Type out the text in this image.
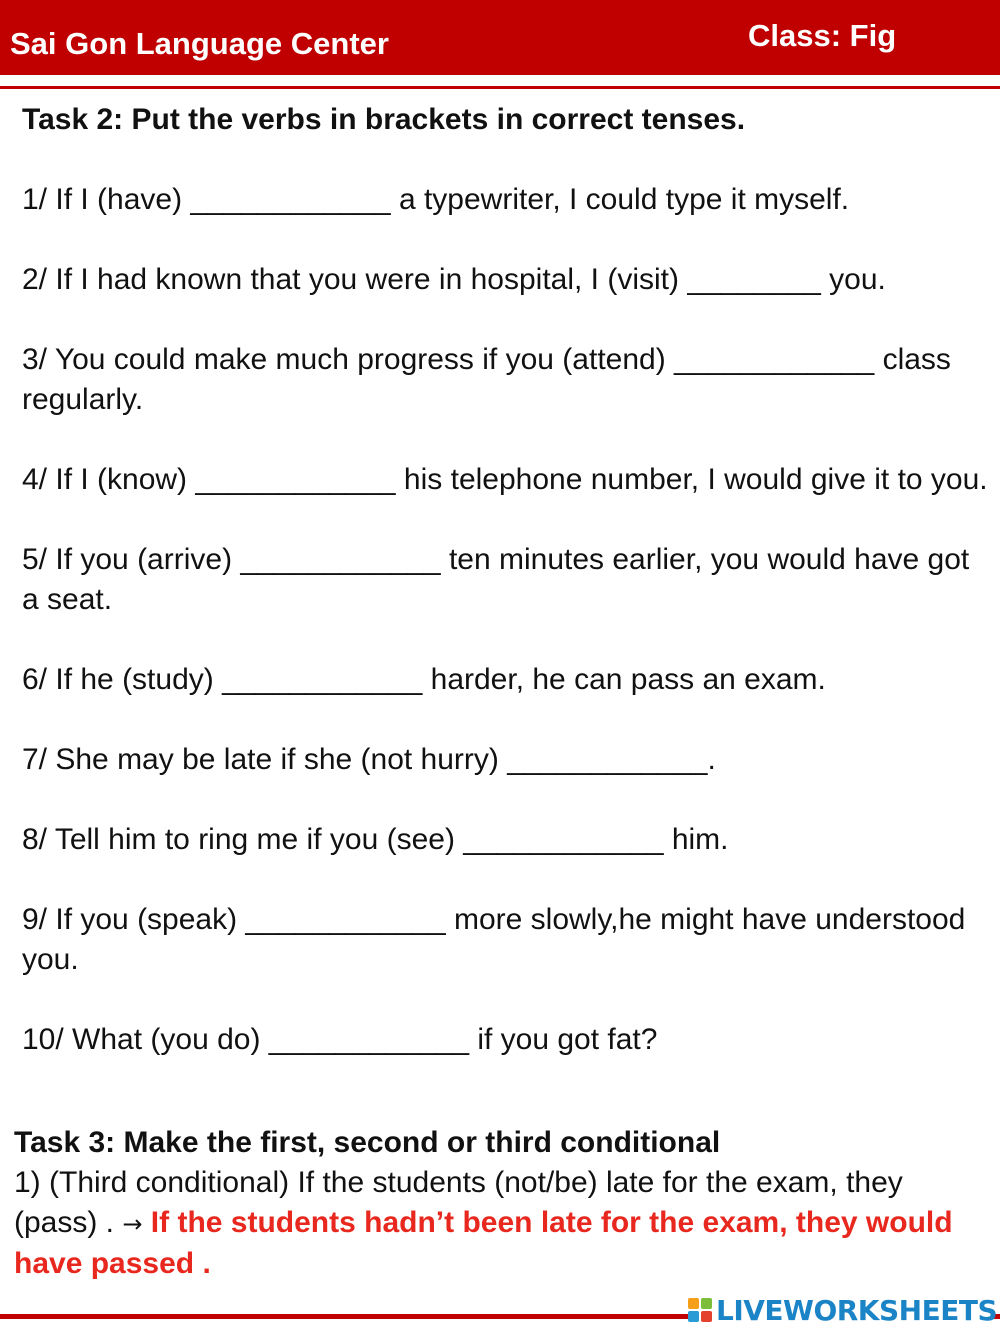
Sai Gon Language Center	Class: Fig
Task 2: Put the verbs in brackets in correct tenses.
1/ If I (have) ____________ a typewriter, I could type it myself.
2/ If I had known that you were in hospital, I (visit) ________ you.
3/ You could make much progress if you (attend) ____________ class regularly.
4/ If I (know) ____________ his telephone number, I would give it to you.
5/ If you (arrive) ____________ ten minutes earlier, you would have got a seat.
6/ If he (study) ____________ harder, he can pass an exam.
7/ She may be late if she (not hurry) ____________.
8/ Tell him to ring me if you (see) ____________ him.
9/ If you (speak) ____________ more slowly,he might have understood you.
10/ What (you do) ____________ if you got fat?
Task 3: Make the first, second or third conditional
1) (Third conditional) If the students (not/be) late for the exam, they (pass) . → If the students hadn’t been late for the exam, they would have passed .
LIVEWORKSHEETS
